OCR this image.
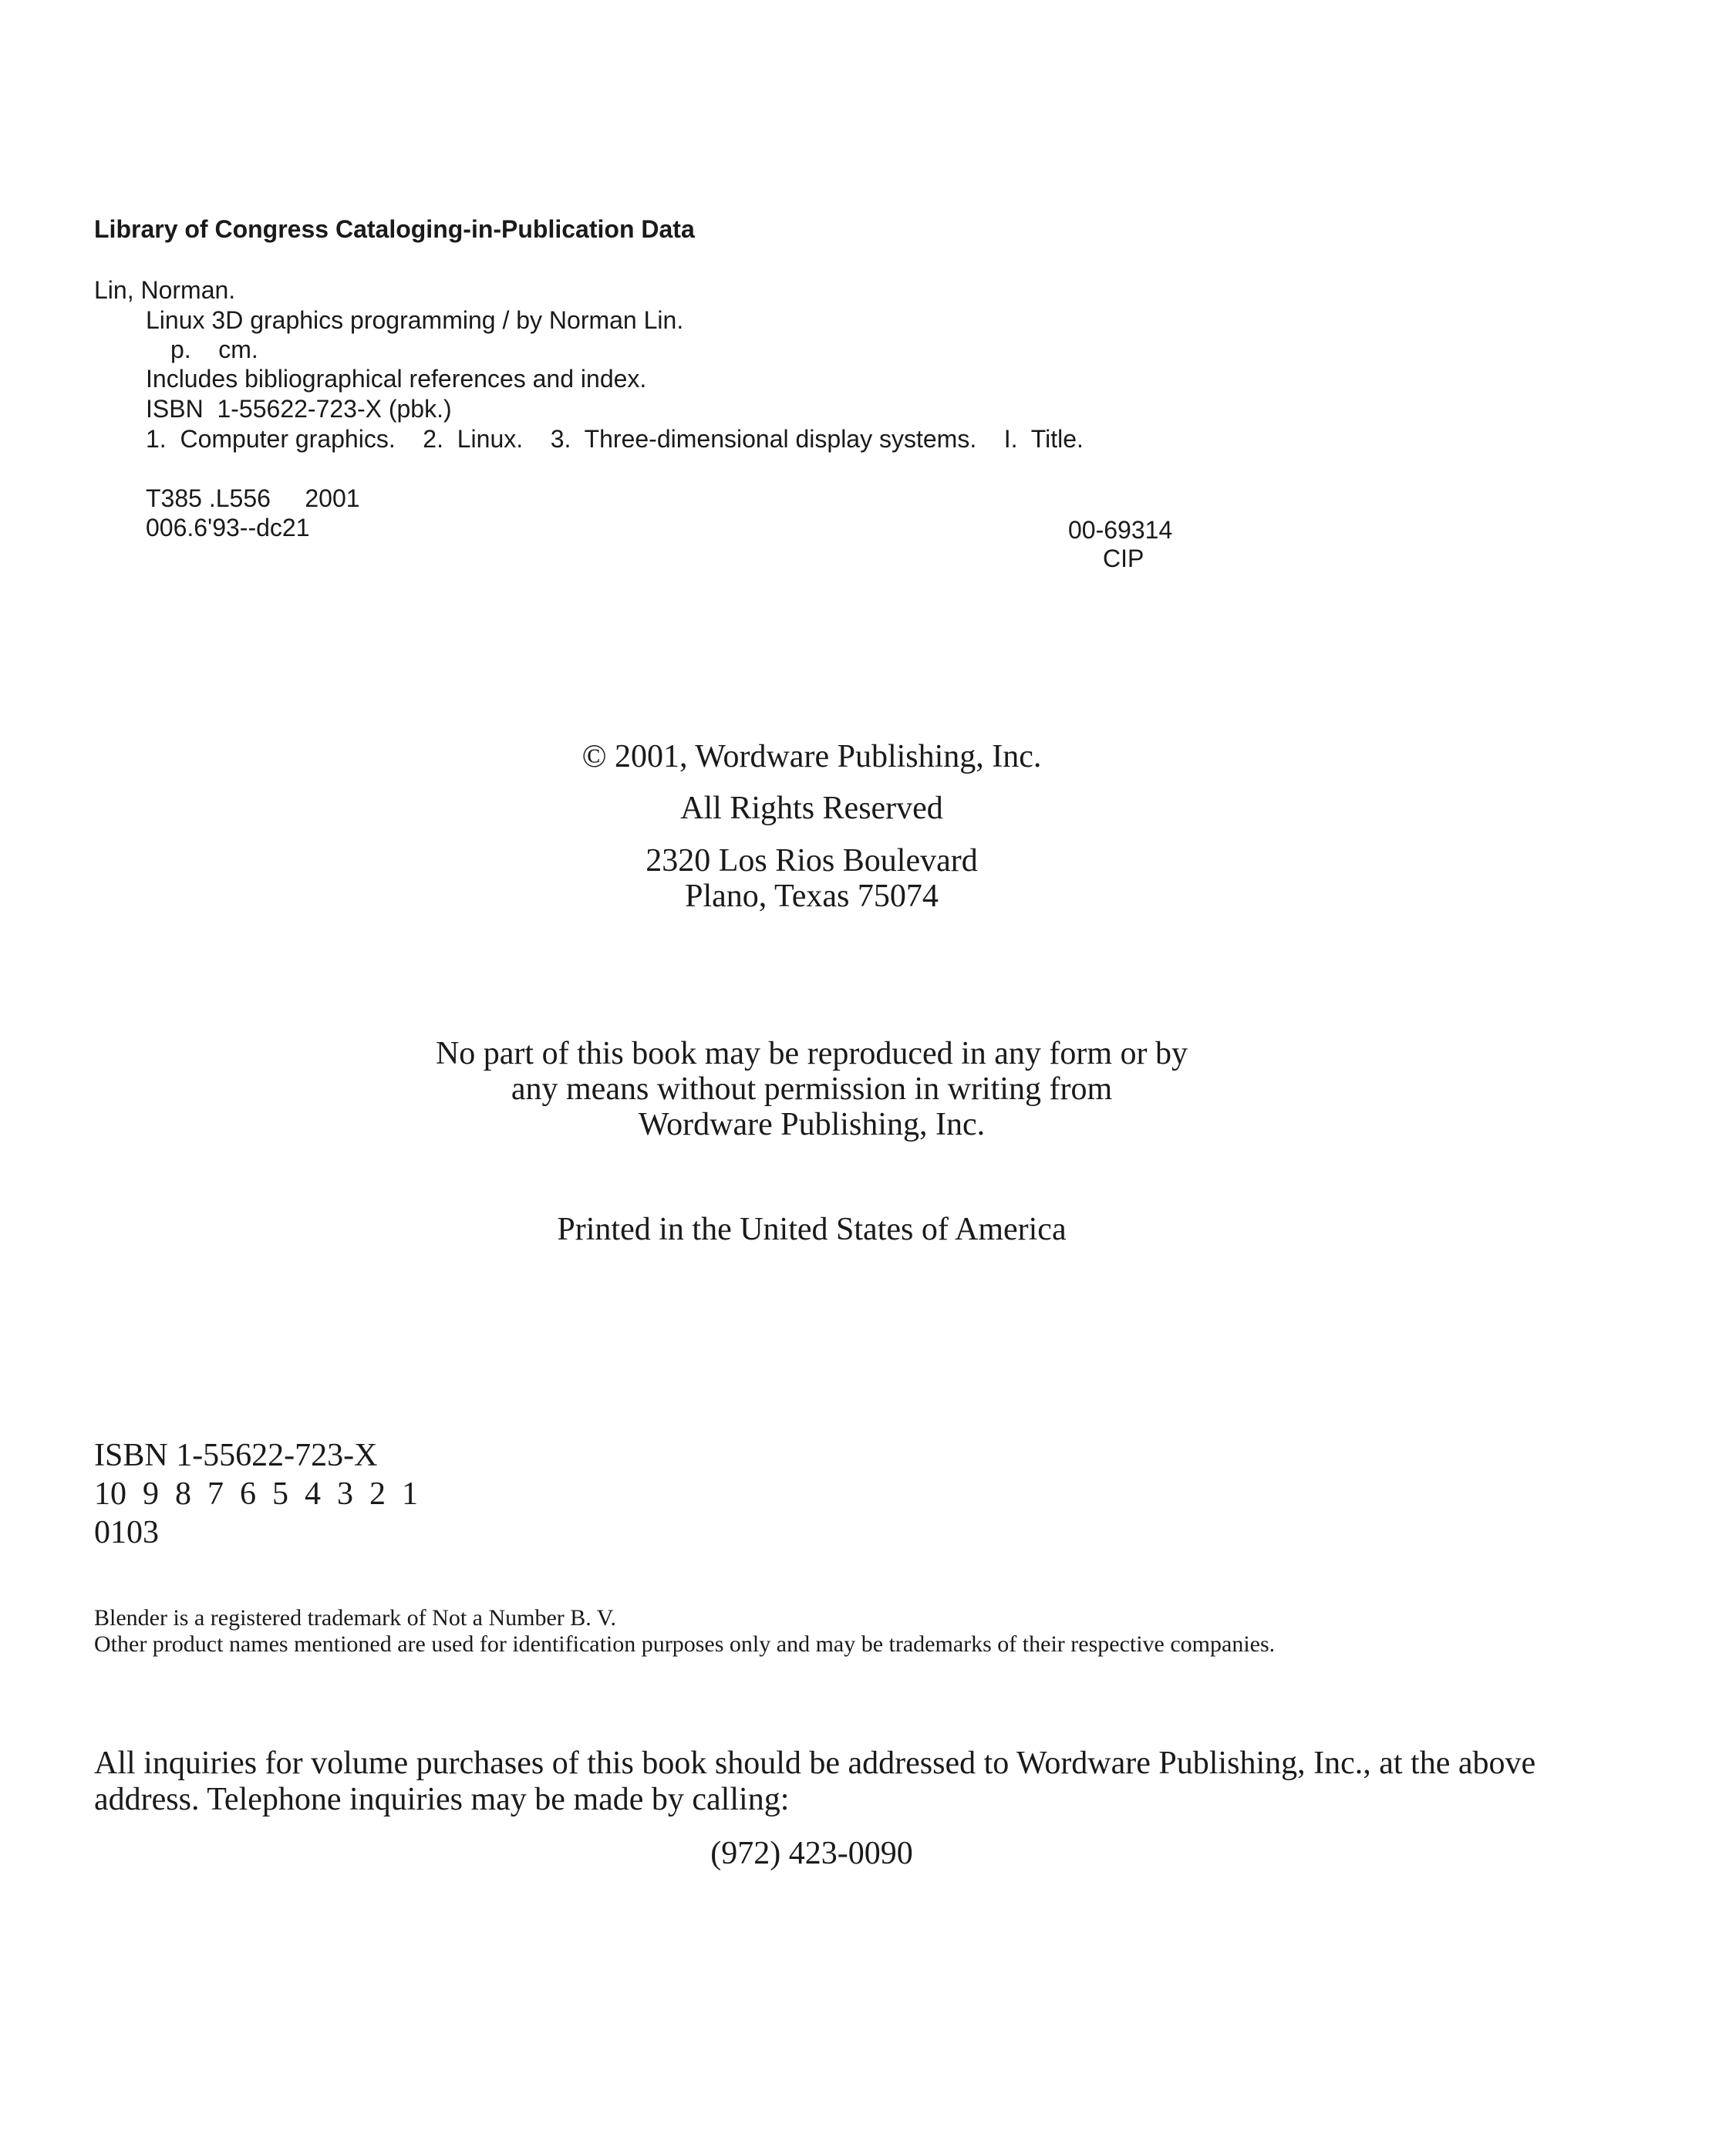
Library of Congress Cataloging-in-Publication Data
Lin, Norman.
Linux 3D graphics programming / by Norman Lin.
p.    cm.
Includes bibliographical references and index.
ISBN  1-55622-723-X (pbk.)
1.  Computer graphics.    2.  Linux.    3.  Three-dimensional display systems.    I.  Title.
T385 .L556     2001
006.6'93--dc21	00-69314
CIP
© 2001, Wordware Publishing, Inc.
All Rights Reserved
2320 Los Rios Boulevard
Plano, Texas 75074
No part of this book may be reproduced in any form or by
any means without permission in writing from
Wordware Publishing, Inc.
Printed in the United States of America
ISBN 1-55622-723-X
10  9  8  7  6  5  4  3  2  1
0103
Blender is a registered trademark of Not a Number B. V.
Other product names mentioned are used for identification purposes only and may be trademarks of their respective companies.
All inquiries for volume purchases of this book should be addressed to Wordware Publishing, Inc., at the above
address. Telephone inquiries may be made by calling:
(972) 423-0090
